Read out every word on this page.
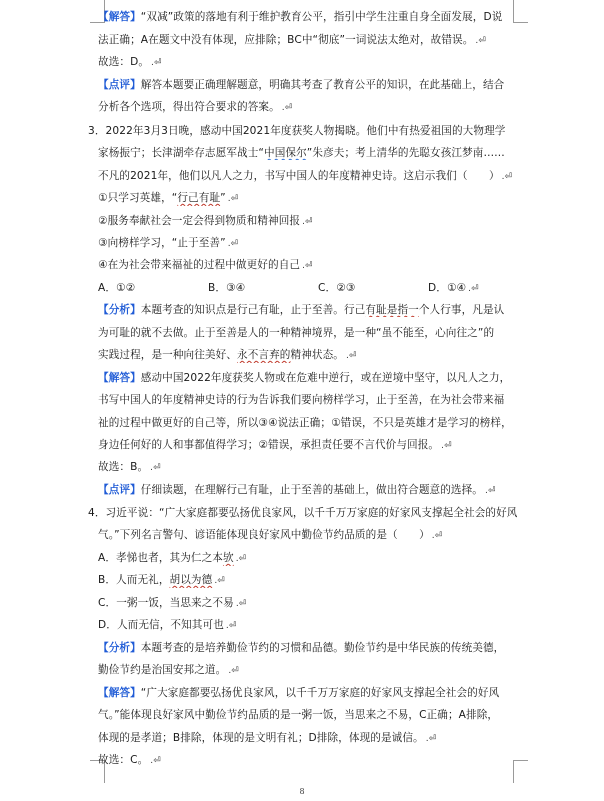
【解答】“双减”政策的落地有利于维护教育公平，指引中学生注重自身全面发展，D说
法正确；A在题文中没有体现，应排除；BC中“彻底”一词说法太绝对，故错误。 .⏎
故选：D。 .⏎
【点评】解答本题要正确理解题意，明确其考查了教育公平的知识，在此基础上，结合
分析各个选项，得出符合要求的答案。 .⏎
3．2022年3月3日晚，感动中国2021年度获奖人物揭晓。他们中有热爱祖国的大物理学
家杨振宁；长津湖牵存志愿军战士“中国保尔”朱彦夫；考上清华的先聪女孩江梦南……
不凡的2021年，他们以凡人之力，书写中国人的年度精神史诗。这启示我们（　　） .⏎
①只学习英雄，“行己有耻” .⏎
②服务奉献社会一定会得到物质和精神回报 .⏎
③向榜样学习，“止于至善” .⏎
④在为社会带来福祉的过程中做更好的自己 .⏎
A．①②	B．③④	C．②③	D．①④ .⏎
【分析】本题考查的知识点是行己有耻，止于至善。行己有耻是指一个人行事，凡是认
为可耻的就不去做。止于至善是人的一种精神境界，是一种“虽不能至，心向往之”的
实践过程，是一种向往美好、永不言弃的精神状态。 .⏎
【解答】感动中国2022年度获奖人物或在危难中逆行，或在逆境中坚守，以凡人之力，
书写中国人的年度精神史诗的行为告诉我们要向榜样学习，止于至善，在为社会带来福
祉的过程中做更好的自己等，所以③④说法正确；①错误，不只是英雄才是学习的榜样，
身边任何好的人和事都值得学习；②错误，承担责任要不言代价与回报。 .⏎
故选：B。 .⏎
【点评】仔细读题，在理解行己有耻，止于至善的基础上，做出符合题意的选择。 .⏎
4．习近平说：“广大家庭都要弘扬优良家风，以千千万万家庭的好家风支撑起全社会的好风
气。”下列名言警句、谚语能体现良好家风中勤俭节约品质的是（　　） .⏎
A．孝悌也者，其为仁之本欤 .⏎
B．人而无礼，胡以为德 .⏎
C．一粥一饭，当思来之不易 .⏎
D．人而无信，不知其可也 .⏎
【分析】本题考查的是培养勤俭节约的习惯和品德。勤俭节约是中华民族的传统美德，
勤俭节约是治国安邦之道。 .⏎
【解答】“广大家庭都要弘扬优良家风，以千千万万家庭的好家风支撑起全社会的好风
气。”能体现良好家风中勤俭节约品质的是一粥一饭，当思来之不易，C正确；A排除，
体现的是孝道；B排除，体现的是文明有礼；D排除，体现的是诚信。 .⏎
故选：C。 .⏎
8
